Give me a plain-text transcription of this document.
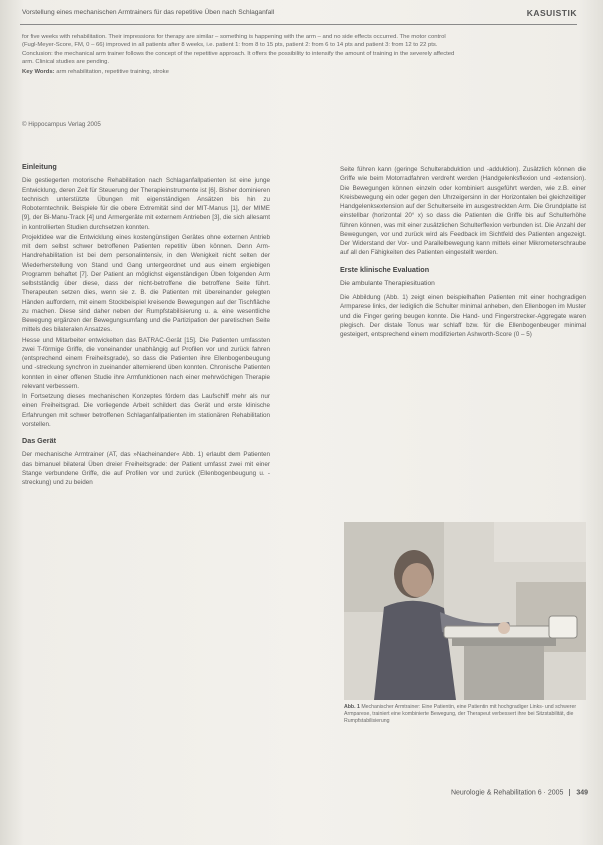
Vorstellung eines mechanischen Armtrainers für das repetitive Üben nach Schlaganfall	KASUISTIK

for five weeks with rehabilitation. Their impressions for therapy are similar – something is happening with the arm – and no side effects occurred. The motor control (Fugl-Meyer-Score, FM, 0 – 66) improved in all patients after 8 weeks, i.e. patient 1: from 8 to 15 pts, patient 2: from 6 to 14 pts and patient 3: from 12 to 22 pts.

Conclusion: the mechanical arm trainer follows the concept of the repetitive approach. It offers the possibility to intensify the amount of training in the severely affected arm. Clinical studies are pending.

Key Words: arm rehabilitation, repetitive training, stroke

© Hippocampus Verlag 2005
Einleitung

Die gestiegerten motorische Rehabilitation nach Schlaganfallpatienten ist eine junge Entwicklung, deren Zeit für Steuerung der Therapieinstrumente ist [6]. Bisher dominieren technisch unterstützte Übungen mit eigenständigen Ansätzen bis hin zu Roboterntechnik. Beispiele für die obere Extremität sind der MIT-Manus [1], der MIME [9], der Bi-Manu-Track [4] und Armergeräte mit externem Antrieben [3], die sich allesamt in kontrollierten Studien durchsetzen konnten.

Projektidee war die Entwicklung eines kostengünstigen Gerätes ohne externen Antrieb mit dem selbst schwer betroffenen Patienten repetitiv üben können. Denn Arm-Handrehabilitation ist bei dem personalintensiv, in den Wenigkeit nicht selten der Wiederherstellung von Stand und Gang untergeordnet und aus einem ergiebigen Programm behaftet [7]. Der Patient an möglichst eigenständigen Üben folgenden Arm selbstständig über diese, dass der nicht-betroffene die betroffene Seite führt. Therapeuten setzen dies, wenn sie z. B. die Patienten mit übereinander gelegten Händen auffordern, mit einem Stockbeispiel kreisende Bewegungen auf der Tischfläche zu machen. Diese sind daher neben der Rumpfstabilisierung u. a. eine wesentliche Bewegung ergänzen der Bewegungsumfang und die Partizipation der paretischen Seite mittels des bilateralen Ansatzes.

Hesse und Mitarbeiter entwickelten das BATRAC-Gerät [15]. Die Patienten umfassten zwei T-förmige Griffe, die voneinander unabhängig auf Profilen vor und zurück fahren (entsprechend einem Freiheitsgrade), so dass die Patienten ihre Ellenbogenbeugung und -streckung synchron in zueinander alternierend üben konnten. Chronische Patienten konnten in einer offenen Studie ihre Armfunktionen nach einer mehrwöchigen Therapie relevant verbessern.

In Fortsetzung dieses mechanischen Konzeptes fördern das Laufschiff mehr als nur einen Freiheitsgrad. Die vorliegende Arbeit schildert das Gerät und erste klinische Erfahrungen mit schwer betroffenen Schlaganfallpatienten im stationären Rehabilitation vorstellen.

Das Gerät

Der mechanische Armtrainer (AT, das »Nacheinander« Abb. 1) erlaubt dem Patienten das bimanuel bilateral Üben dreier Freiheitsgrade: der Patient umfasst zwei mit einer Stange verbundene Griffe, die auf Profilen vor und zurück (Ellenbogenbeugung u. -streckung) und zu beiden

Seite führen kann (geringe Schulterabduktion und -adduktion). Zusätzlich können die Griffe wie beim Motorradfahren verdreht werden (Handgelenksflexion und -extension). Die Bewegungen können einzeln oder kombiniert ausgeführt werden, wie z.B. einer Kreisbewegung ein oder gegen den Uhrzeigersinn in der Horizontalen bei gleichzeitiger Handgelenksextension auf der Schulterseite im ausgestreckten Arm. Die Grundplatte ist einstellbar (horizontal 20° x) so dass die Patienten die Griffe bis auf Schulterhöhe führen können, was mit einer zusätzlichen Schulterflexion verbunden ist. Die Anzahl der Bewegungen, vor und zurück wird als Feedback im Sichtfeld des Patienten angezeigt. Der Widerstand der Vor- und Parallelbewegung kann mittels einer Mikrometerschraube auf all den Fähigkeiten des Patienten eingestellt werden.

Erste klinische Evaluation
Die ambulante Therapiesituation

Die Abbildung (Abb. 1) zeigt einen beispielhaften Patienten mit einer hochgradigen Armparese links, der lediglich die Schulter minimal anheben, den Ellenbogen im Muster und die Finger gering beugen konnte. Die Hand- und Fingerstrecker-Aggregate waren plegisch. Der distale Tonus war schlaff bzw. für die Ellenbogenbeuger minimal gesteigert, entsprechend einem modifizierten Ashworth-Score (0 – 5)

Abb. 1 Mechanischer Armtrainer: Eine Patientin, eine Patientin mit hochgradiger Links- und schwerer Armparese, trainiert eine kombinierte Bewegung, der Therapeut verbessert ihre bei Sitzstabilität, die Rumpfstabilisierung
Neurologie & Rehabilitation 6 · 2005 349
